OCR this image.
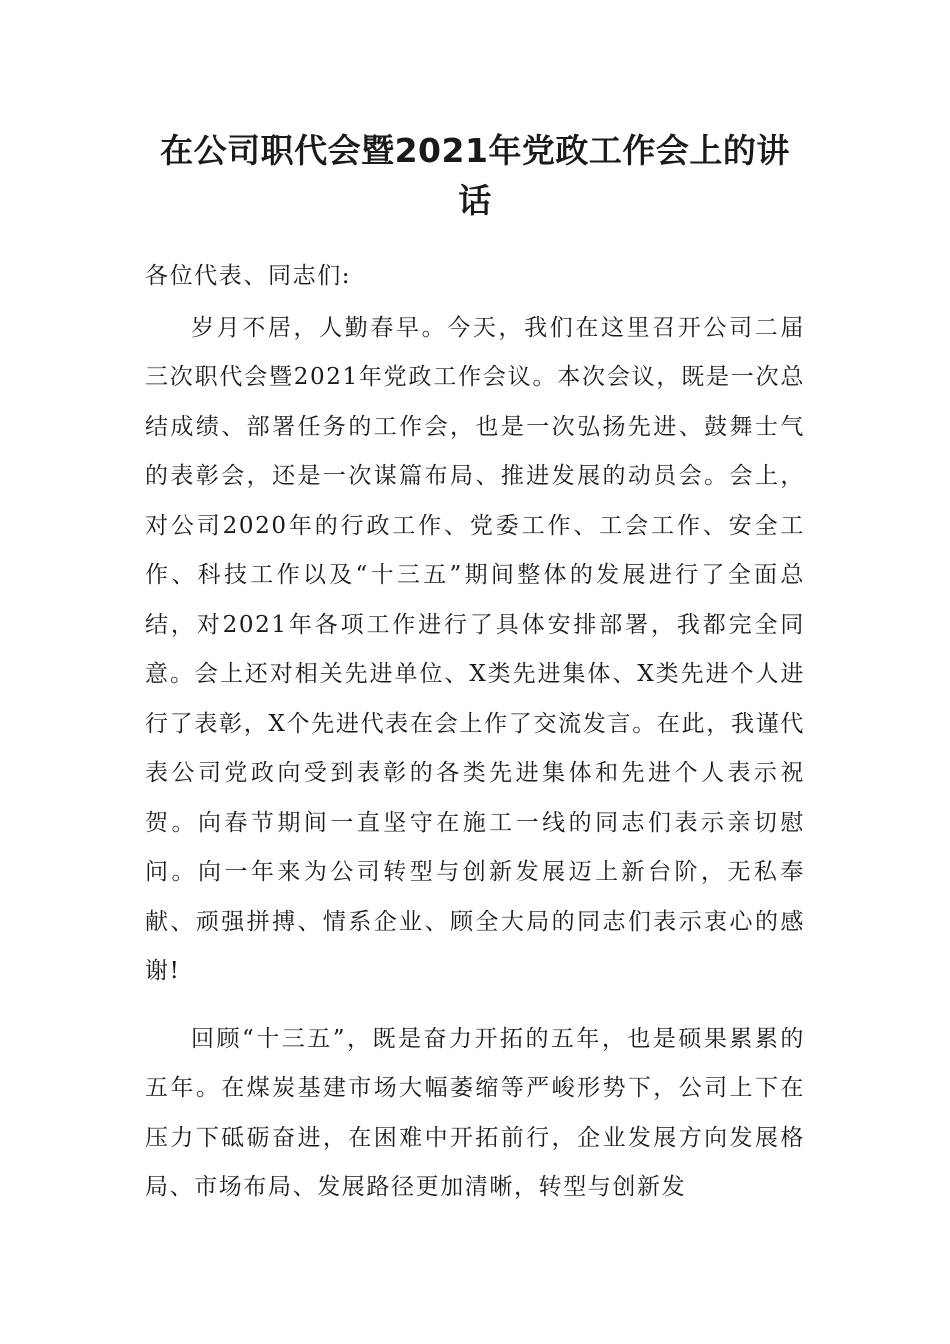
在公司职代会暨2021年党政工作会上的讲话

各位代表、同志们:

岁月不居，人勤春早。今天，我们在这里召开公司二届三次职代会暨2021年党政工作会议。本次会议，既是一次总结成绩、部署任务的工作会，也是一次弘扬先进、鼓舞士气的表彰会，还是一次谋篇布局、推进发展的动员会。会上，对公司2020年的行政工作、党委工作、工会工作、安全工作、科技工作以及“十三五”期间整体的发展进行了全面总结，对2021年各项工作进行了具体安排部署，我都完全同意。会上还对相关先进单位、X类先进集体、X类先进个人进行了表彰，X个先进代表在会上作了交流发言。在此，我谨代表公司党政向受到表彰的各类先进集体和先进个人表示祝贺。向春节期间一直坚守在施工一线的同志们表示亲切慰问。向一年来为公司转型与创新发展迈上新台阶，无私奉献、顽强拼搏、情系企业、顾全大局的同志们表示衷心的感谢!

回顾“十三五”，既是奋力开拓的五年，也是硕果累累的五年。在煤炭基建市场大幅萎缩等严峻形势下，公司上下在压力下砥砺奋进，在困难中开拓前行，企业发展方向发展格局、市场布局、发展路径更加清晰，转型与创新发
